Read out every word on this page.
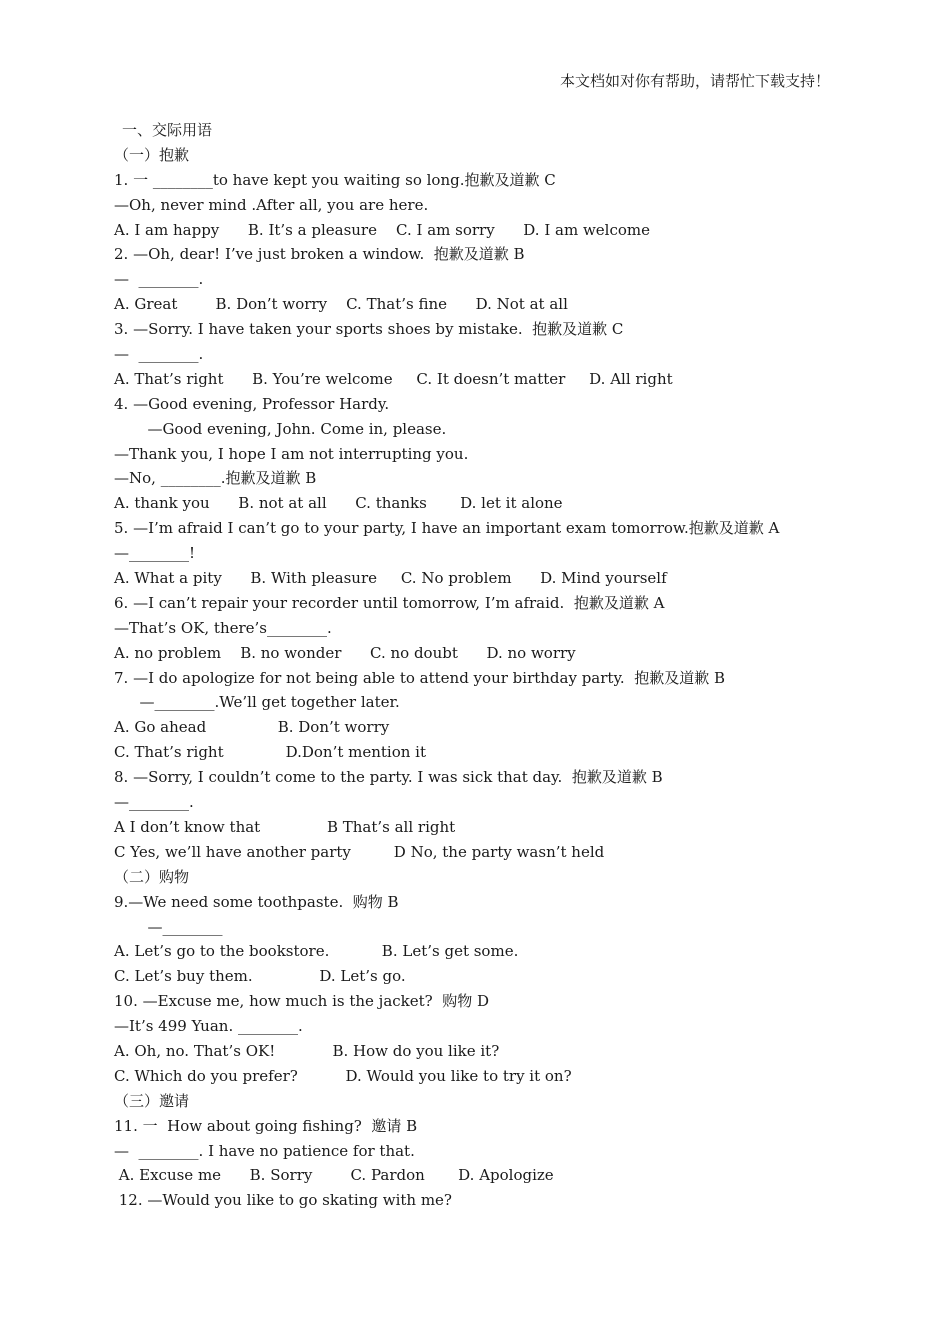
本文档如对你有帮助，请帮忙下载支持！
一、交际用语
（一）抱歉
1. 一 ________to have kept you waiting so long.抱歉及道歉 C
—Oh, never mind .After all, you are here.
A. I am happy      B. It’s a pleasure    C. I am sorry      D. I am welcome
2. —Oh, dear! I’ve just broken a window.  抱歉及道歉 B
—  ________.
A. Great        B. Don’t worry    C. That’s fine      D. Not at all
3. —Sorry. I have taken your sports shoes by mistake.  抱歉及道歉 C
—  ________.
A. That’s right      B. You’re welcome     C. It doesn’t matter     D. All right
4. —Good evening, Professor Hardy.
—Good evening, John. Come in, please.
—Thank you, I hope I am not interrupting you.
—No, ________.抱歉及道歉 B
A. thank you      B. not at all      C. thanks       D. let it alone
5. —I’m afraid I can’t go to your party, I have an important exam tomorrow.抱歉及道歉 A
—________!
A. What a pity      B. With pleasure     C. No problem      D. Mind yourself
6. —I can’t repair your recorder until tomorrow, I’m afraid.  抱歉及道歉 A
—That’s OK, there’s________.
A. no problem    B. no wonder      C. no doubt      D. no worry
7. —I do apologize for not being able to attend your birthday party.  抱歉及道歉 B
—________.We’ll get together later.
A. Go ahead               B. Don’t worry
C. That’s right             D.Don’t mention it
8. —Sorry, I couldn’t come to the party. I was sick that day.  抱歉及道歉 B
—________.
A I don’t know that              B That’s all right
C Yes, we’ll have another party         D No, the party wasn’t held
（二）购物
9.—We need some toothpaste.  购物 B
—________
A. Let’s go to the bookstore.           B. Let’s get some.
C. Let’s buy them.              D. Let’s go.
10. —Excuse me, how much is the jacket?  购物 D
—It’s 499 Yuan. ________.
A. Oh, no. That’s OK!            B. How do you like it?
C. Which do you prefer?          D. Would you like to try it on?
（三）邀请
11. 一  How about going fishing?  邀请 B
—  ________. I have no patience for that.
A. Excuse me      B. Sorry        C. Pardon       D. Apologize
12. —Would you like to go skating with me?
